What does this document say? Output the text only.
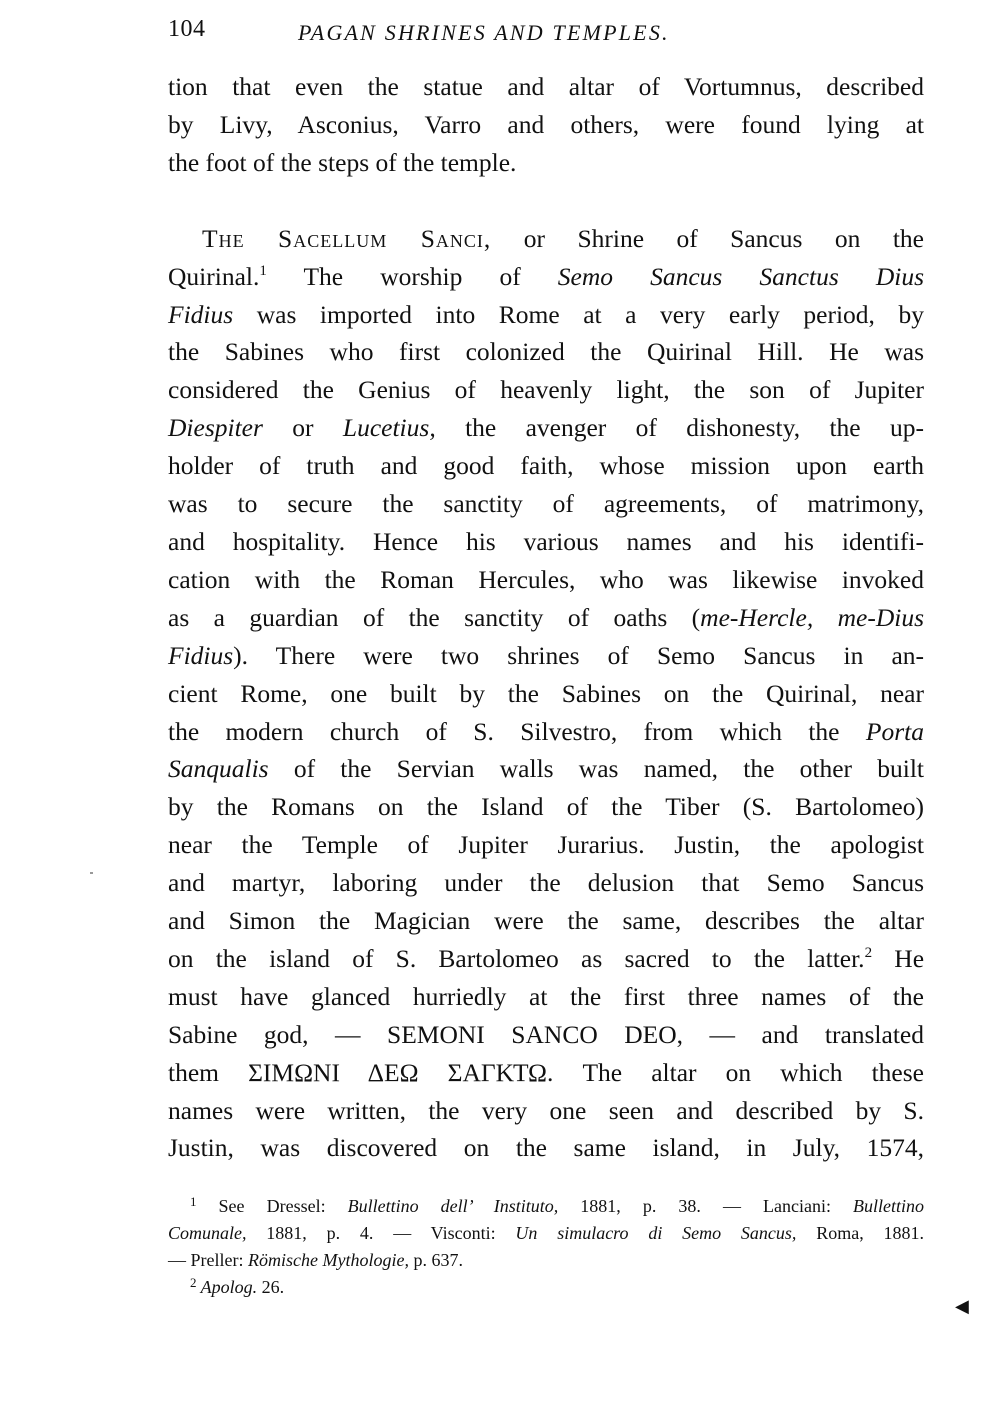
104	PAGAN SHRINES AND TEMPLES.

tion that even the statue and altar of Vortumnus, described
by Livy, Asconius, Varro and others, were found lying at
the foot of the steps of the temple.

The Sacellum Sanci, or Shrine of Sancus on the
Quirinal.$^1$ The worship of Semo Sancus Sanctus Dius
Fidius was imported into Rome at a very early period, by
the Sabines who first colonized the Quirinal Hill. He was
considered the Genius of heavenly light, the son of Jupiter
Diespiter or Lucetius, the avenger of dishonesty, the up-
holder of truth and good faith, whose mission upon earth
was to secure the sanctity of agreements, of matrimony,
and hospitality. Hence his various names and his identifi-
cation with the Roman Hercules, who was likewise invoked
as a guardian of the sanctity of oaths (me-Hercle, me-Dius
Fidius). There were two shrines of Semo Sancus in an-
cient Rome, one built by the Sabines on the Quirinal, near
the modern church of S. Silvestro, from which the Porta
Sanqualis of the Servian walls was named, the other built
by the Romans on the Island of the Tiber (S. Bartolomeo)
near the Temple of Jupiter Jurarius. Justin, the apologist
and martyr, laboring under the delusion that Semo Sancus
and Simon the Magician were the same, describes the altar
on the island of S. Bartolomeo as sacred to the latter.$^2$ He
must have glanced hurriedly at the first three names of the
Sabine god, — SEMONI SANCO DEO, — and translated
them ΣΙΜΩΝΙ ΔΕΩ ΣΑΓΚΤΩ. The altar on which these
names were written, the very one seen and described by S.
Justin, was discovered on the same island, in July, 1574,

$^1$ See Dressel: Bullettino dell’ Instituto, 1881, p. 38. — Lanciani: Bullettino
Comunale, 1881, p. 4. — Visconti: Un simulacro di Semo Sancus, Roma, 1881.
— Preller: Römische Mythologie, p. 637.
$^2$ Apolog. 26.
◀
